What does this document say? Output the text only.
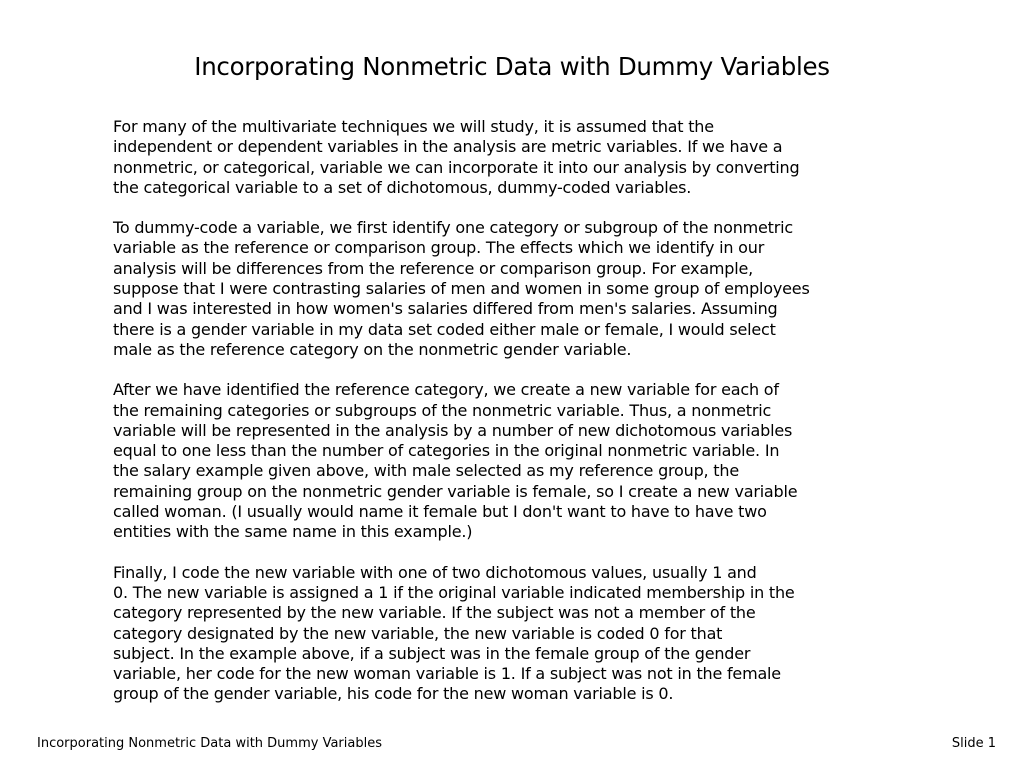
Incorporating Nonmetric Data with Dummy Variables

For many of the multivariate techniques we will study, it is assumed that the
independent or dependent variables in the analysis are metric variables. If we have a
nonmetric, or categorical, variable we can incorporate it into our analysis by converting
the categorical variable to a set of dichotomous, dummy-coded variables.

To dummy-code a variable, we first identify one category or subgroup of the nonmetric
variable as the reference or comparison group. The effects which we identify in our
analysis will be differences from the reference or comparison group. For example,
suppose that I were contrasting salaries of men and women in some group of employees
and I was interested in how women's salaries differed from men's salaries. Assuming
there is a gender variable in my data set coded either male or female, I would select
male as the reference category on the nonmetric gender variable.

After we have identified the reference category, we create a new variable for each of
the remaining categories or subgroups of the nonmetric variable. Thus, a nonmetric
variable will be represented in the analysis by a number of new dichotomous variables
equal to one less than the number of categories in the original nonmetric variable. In
the salary example given above, with male selected as my reference group, the
remaining group on the nonmetric gender variable is female, so I create a new variable
called woman. (I usually would name it female but I don't want to have to have two
entities with the same name in this example.)

Finally, I code the new variable with one of two dichotomous values, usually 1 and
0. The new variable is assigned a 1 if the original variable indicated membership in the
category represented by the new variable. If the subject was not a member of the
category designated by the new variable, the new variable is coded 0 for that
subject. In the example above, if a subject was in the female group of the gender
variable, her code for the new woman variable is 1. If a subject was not in the female
group of the gender variable, his code for the new woman variable is 0.

Incorporating Nonmetric Data with Dummy Variables	Slide 1
